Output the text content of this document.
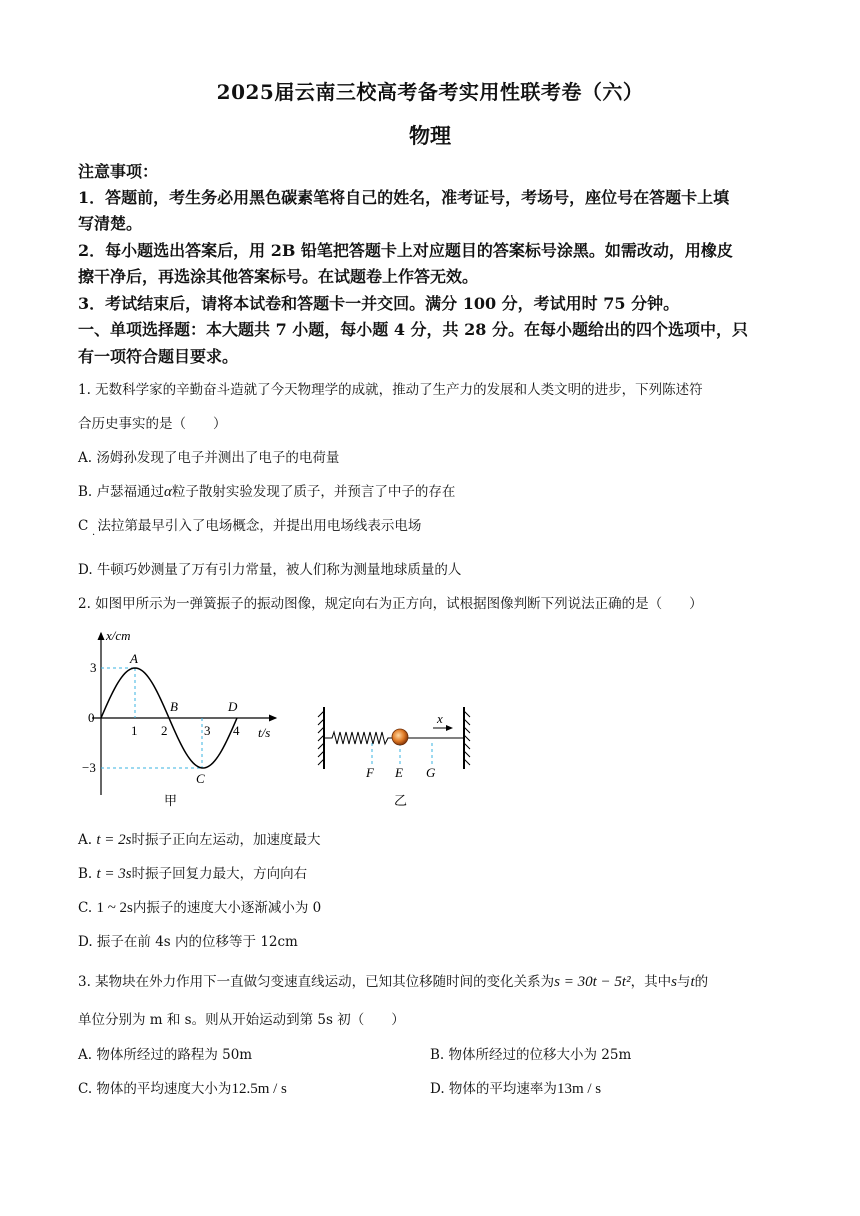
2025届云南三校高考备考实用性联考卷（六）
物理
注意事项：
1．答题前，考生务必用黑色碳素笔将自己的姓名，准考证号，考场号，座位号在答题卡上填
写清楚。
2．每小题选出答案后，用 2B 铅笔把答题卡上对应题目的答案标号涂黑。如需改动，用橡皮
擦干净后，再选涂其他答案标号。在试题卷上作答无效。
3．考试结束后，请将本试卷和答题卡一并交回。满分 100 分，考试用时 75 分钟。
一、单项选择题：本大题共 7 小题，每小题 4 分，共 28 分。在每小题给出的四个选项中，只
有一项符合题目要求。
1. 无数科学家的辛勤奋斗造就了今天物理学的成就，推动了生产力的发展和人类文明的进步，下列陈述符
合历史事实的是（　　）
A. 汤姆孙发现了电子并测出了电子的电荷量
B. 卢瑟福通过α粒子散射实验发现了质子，并预言了中子的存在
C 法拉第最早引入了电场概念，并提出用电场线表示电场
·
D. 牛顿巧妙测量了万有引力常量，被人们称为测量地球质量的人
2. 如图甲所示为一弹簧振子的振动图像，规定向右为正方向，试根据图像判断下列说法正确的是（　　）
3
0
−3
1 2	3 4
x/cm
t/s
A
B
C
D
甲
x
F E G
乙
A. t = 2s时振子正向左运动，加速度最大
B. t = 3s时振子回复力最大，方向向右
C. 1 ~ 2s内振子的速度大小逐渐减小为 0
D. 振子在前 4s 内的位移等于 12cm
3. 某物块在外力作用下一直做匀变速直线运动，已知其位移随时间的变化关系为s = 30t − 5t²，其中s与t的
单位分别为 m 和 s。则从开始运动到第 5s 初（　　）
A. 物体所经过的路程为 50m	B. 物体所经过的位移大小为 25m
C. 物体的平均速度大小为12.5m / s	D. 物体的平均速率为13m / s
